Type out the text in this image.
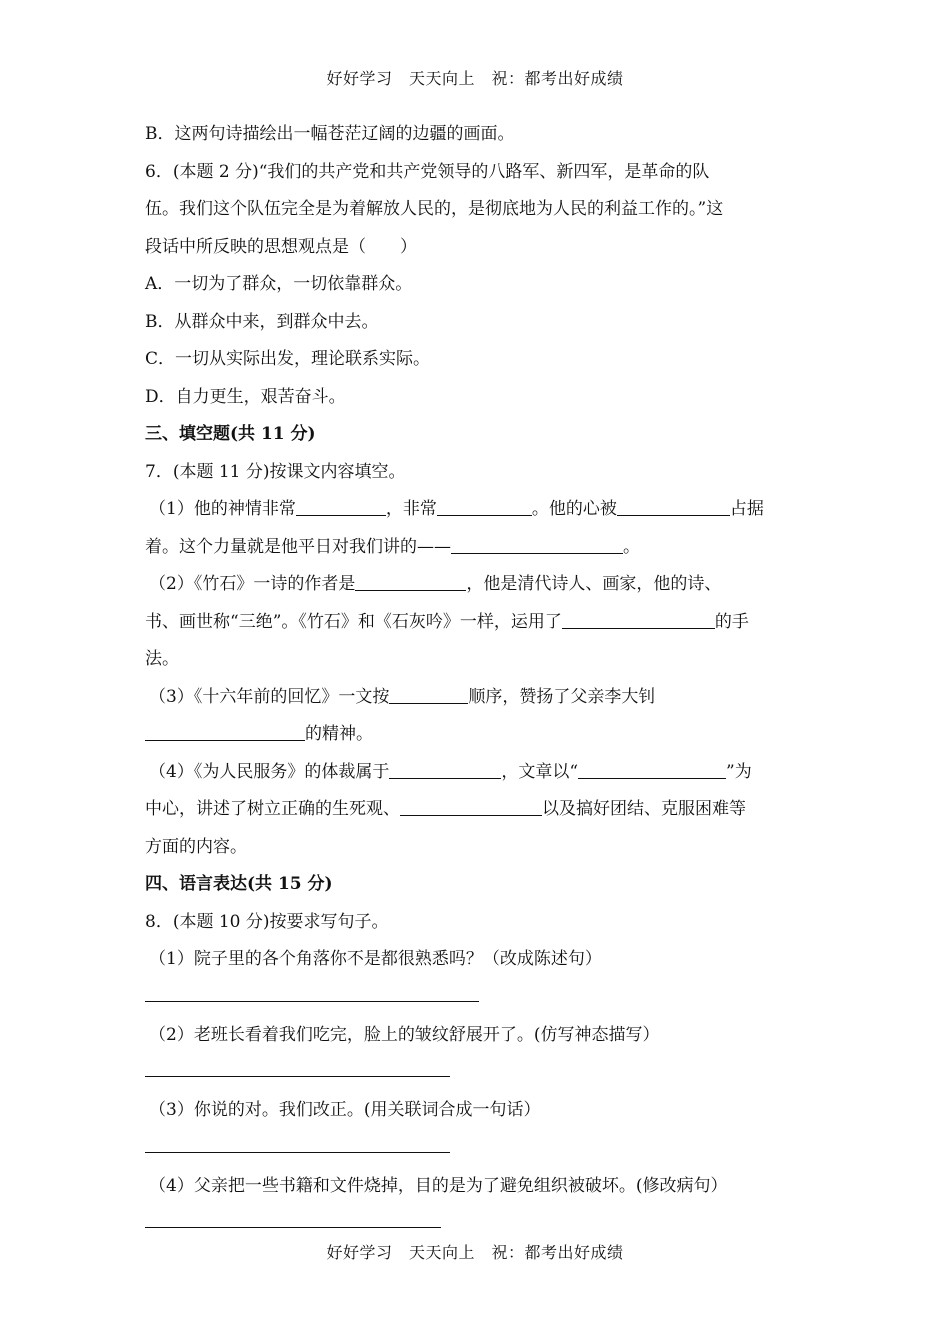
好好学习　天天向上　祝：都考出好成绩
B．这两句诗描绘出一幅苍茫辽阔的边疆的画面。
6．(本题 2 分)“我们的共产党和共产党领导的八路军、新四军，是革命的队
伍。我们这个队伍完全是为着解放人民的，是彻底地为人民的利益工作的。”这
段话中所反映的思想观点是（　　）
A．一切为了群众，一切依靠群众。
B．从群众中来，到群众中去。
C．一切从实际出发，理论联系实际。
D．自力更生，艰苦奋斗。
三、填空题(共 11 分)
7．(本题 11 分)按课文内容填空。
（1）他的神情非常	，非常	。他的心被	占据
着。这个力量就是他平日对我们讲的——	。
（2）《竹石》一诗的作者是	，他是清代诗人、画家，他的诗、
书、画世称“三绝”。《竹石》和《石灰吟》一样，运用了	的手
法。
（3）《十六年前的回忆》一文按	顺序，赞扬了父亲李大钊
的精神。
（4）《为人民服务》的体裁属于	，文章以“	”为
中心，讲述了树立正确的生死观、	以及搞好团结、克服困难等
方面的内容。
四、语言表达(共 15 分)
8．(本题 10 分)按要求写句子。
（1）院子里的各个角落你不是都很熟悉吗？（改成陈述句）
（2）老班长看着我们吃完，脸上的皱纹舒展开了。(仿写神态描写）
（3）你说的对。我们改正。(用关联词合成一句话）
（4）父亲把一些书籍和文件烧掉，目的是为了避免组织被破坏。(修改病句）
好好学习　天天向上　祝：都考出好成绩
